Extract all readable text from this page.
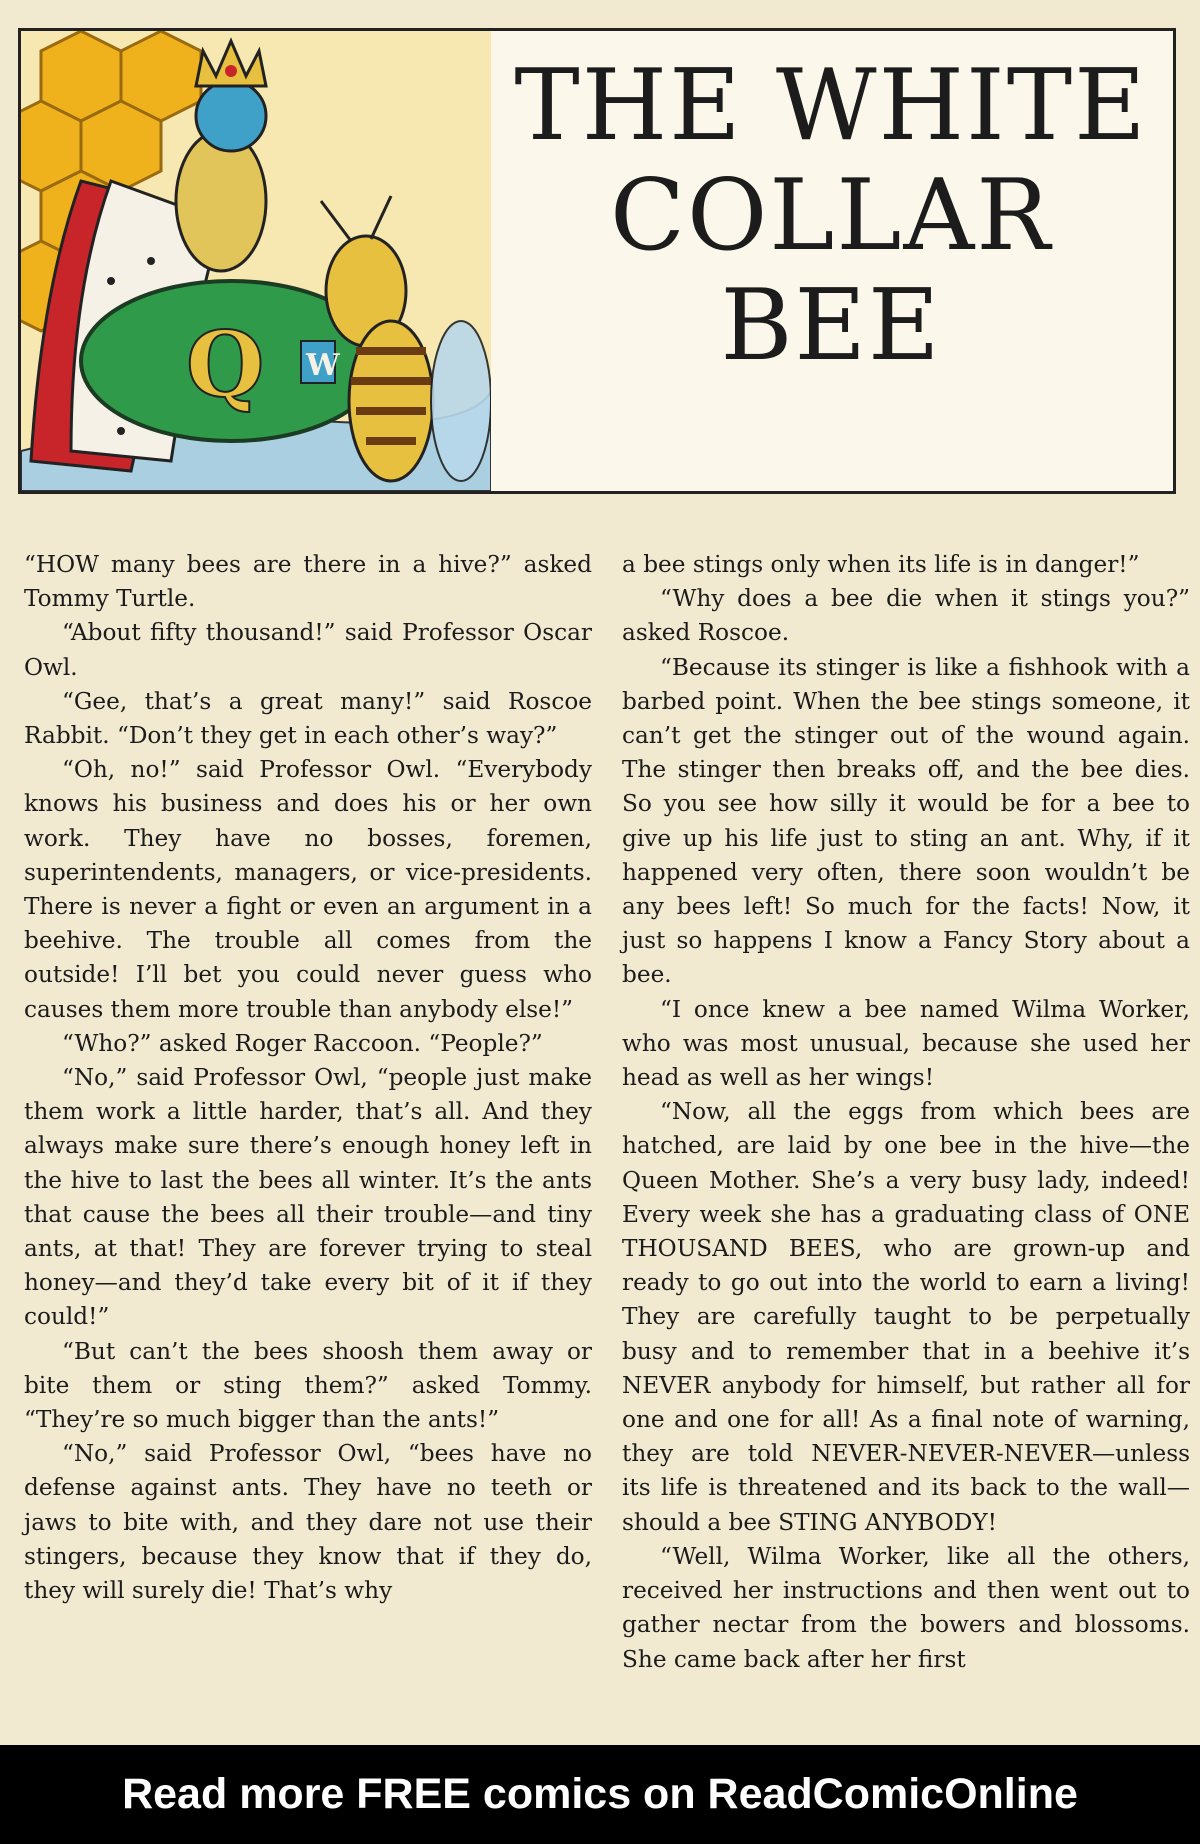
Q W

THE WHITE

COLLAR

BEE

“HOW many bees are there in a hive?” asked Tommy Turtle.

“About fifty thousand!” said Professor Oscar Owl.

“Gee, that’s a great many!” said Roscoe Rabbit. “Don’t they get in each other’s way?”

“Oh, no!” said Professor Owl. “Everybody knows his business and does his or her own work. They have no bosses, foremen, superintendents, managers, or vice-presidents. There is never a fight or even an argument in a beehive. The trouble all comes from the outside! I’ll bet you could never guess who causes them more trouble than anybody else!”

“Who?” asked Roger Raccoon. “People?”

“No,” said Professor Owl, “people just make them work a little harder, that’s all. And they always make sure there’s enough honey left in the hive to last the bees all winter. It’s the ants that cause the bees all their trouble—and tiny ants, at that! They are forever trying to steal honey—and they’d take every bit of it if they could!”

“But can’t the bees shoosh them away or bite them or sting them?” asked Tommy. “They’re so much bigger than the ants!”

“No,” said Professor Owl, “bees have no defense against ants. They have no teeth or jaws to bite with, and they dare not use their stingers, because they know that if they do, they will surely die! That’s why

a bee stings only when its life is in danger!”

“Why does a bee die when it stings you?” asked Roscoe.

“Because its stinger is like a fishhook with a barbed point. When the bee stings someone, it can’t get the stinger out of the wound again. The stinger then breaks off, and the bee dies. So you see how silly it would be for a bee to give up his life just to sting an ant. Why, if it happened very often, there soon wouldn’t be any bees left! So much for the facts! Now, it just so happens I know a Fancy Story about a bee.

“I once knew a bee named Wilma Worker, who was most unusual, because she used her head as well as her wings!

“Now, all the eggs from which bees are hatched, are laid by one bee in the hive—the Queen Mother. She’s a very busy lady, indeed! Every week she has a graduating class of ONE THOUSAND BEES, who are grown-up and ready to go out into the world to earn a living! They are carefully taught to be perpetually busy and to remember that in a beehive it’s NEVER anybody for himself, but rather all for one and one for all! As a final note of warning, they are told NEVER-NEVER-NEVER—unless its life is threatened and its back to the wall—should a bee STING ANYBODY!

“Well, Wilma Worker, like all the others, received her instructions and then went out to gather nectar from the bowers and blossoms. She came back after her first

Read more FREE comics on ReadComicOnline
